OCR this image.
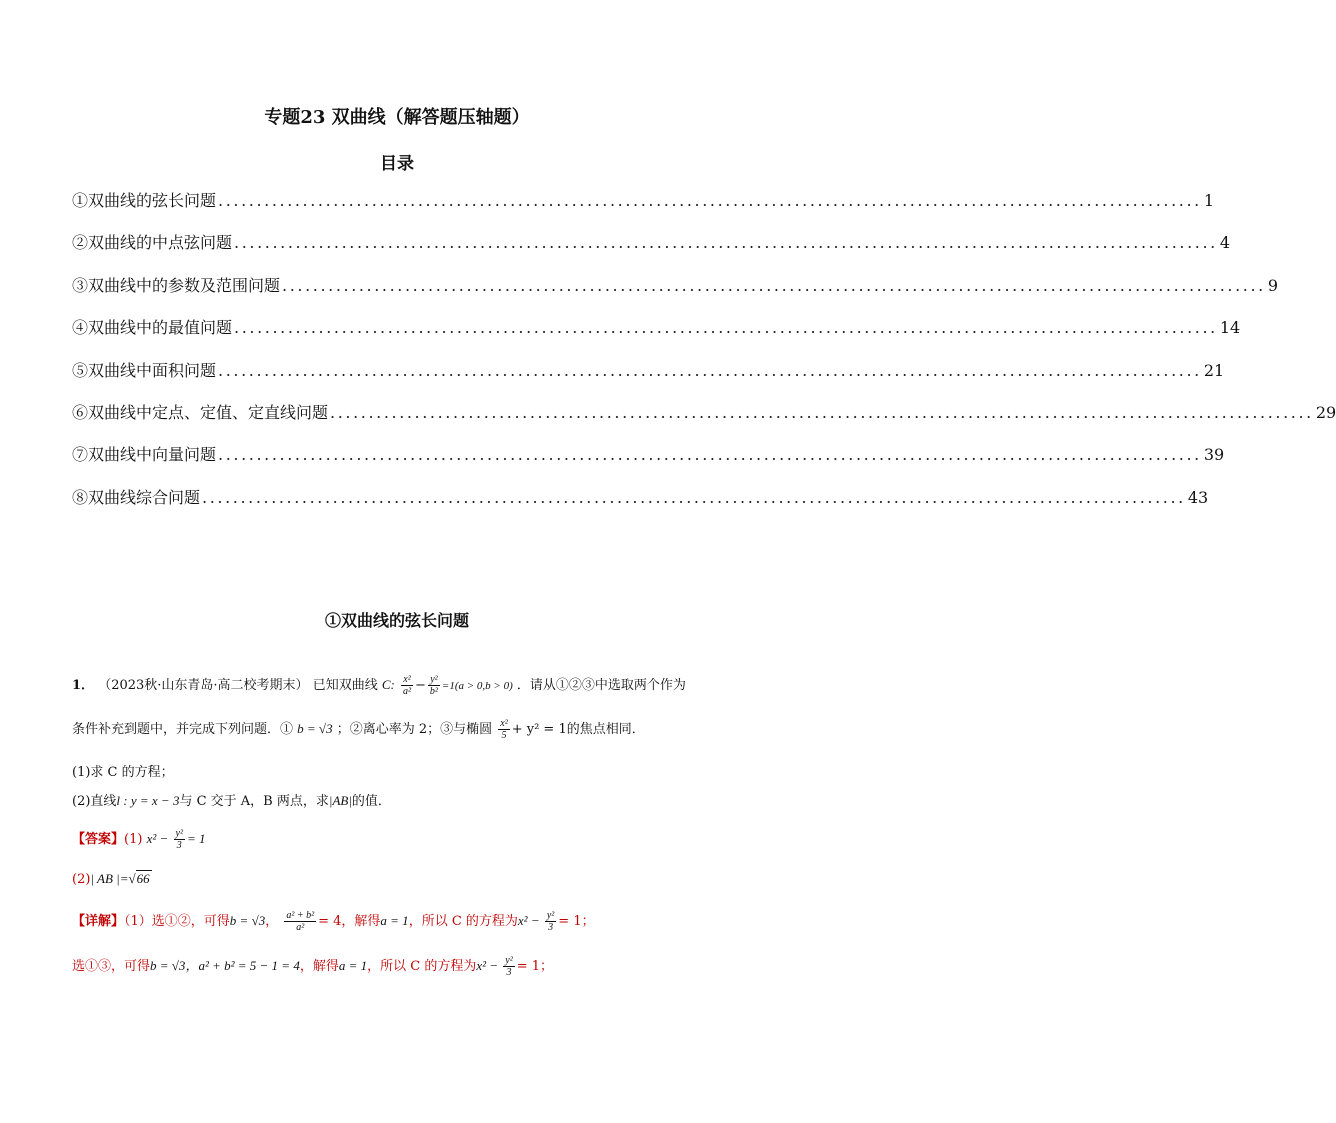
专题23 双曲线（解答题压轴题）
目录
①双曲线的弦长问题 ................................................................................................................................ 1
②双曲线的中点弦问题 ................................................................................................................................ 4
③双曲线中的参数及范围问题 ................................................................................................................................ 9
④双曲线中的最值问题 ................................................................................................................................ 14
⑤双曲线中面积问题 ................................................................................................................................ 21
⑥双曲线中定点、定值、定直线问题 ................................................................................................................................ 29
⑦双曲线中向量问题 ................................................................................................................................ 39
⑧双曲线综合问题 ................................................................................................................................ 43
①双曲线的弦长问题
1． （2023秋·山东青岛·高二校考期末） 已知双曲线 C: $\frac{\text{x²}}{\text{a²}} - \frac{\text{y²}}{\text{b²}} =1(a > 0,b > 0)$ ．请从①②③中选取两个作为
条件补充到题中，并完成下列问题．① b = √3 ；②离心率为 2；③与椭圆 $\frac{\text{x²}}{5} + y^2 = 1$的焦点相同．
(1)求 C 的方程；
(2)直线l : y = x − 3与 C 交于 A，B 两点，求|AB|的值．
【答案】(1) $x^2 - \frac{\text{y²}}{3} = 1$
(2)| AB |=√66
【详解】（1）选①②，可得b = √3， $\frac{\text{a² + b²}}{\text{a²}} = 4$，解得a = 1，所以 C 的方程为$x^2 - \frac{\text{y²}}{3} = 1$；
选①③，可得b = √3，a² + b² = 5 − 1 = 4，解得a = 1，所以 C 的方程为$x^2 - \frac{\text{y²}}{3} = 1$；
